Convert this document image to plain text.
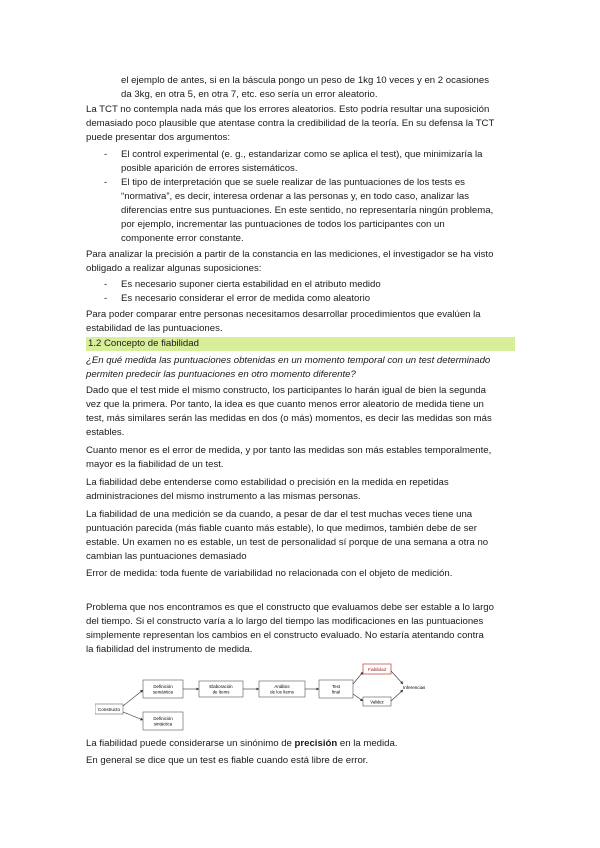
el ejemplo de antes, si en la báscula pongo un peso de 1kg 10 veces y en 2 ocasiones
da 3kg, en otra 5, en otra 7, etc. eso sería un error aleatorio.
La TCT no contempla nada más que los errores aleatorios. Esto podría resultar una suposición
demasiado poco plausible que atentase contra la credibilidad de la teoría. En su defensa la TCT
puede presentar dos argumentos:
- El control experimental (e. g., estandarizar como se aplica el test), que minimizaría la
posible aparición de errores sistemáticos.
- El tipo de interpretación que se suele realizar de las puntuaciones de los tests es
“normativa”, es decir, interesa ordenar a las personas y, en todo caso, analizar las
diferencias entre sus puntuaciones. En este sentido, no representaría ningún problema,
por ejemplo, incrementar las puntuaciones de todos los participantes con un
componente error constante.
Para analizar la precisión a partir de la constancia en las mediciones, el investigador se ha visto
obligado a realizar algunas suposiciones:
- Es necesario suponer cierta estabilidad en el atributo medido
- Es necesario considerar el error de medida como aleatorio
Para poder comparar entre personas necesitamos desarrollar procedimientos que evalúen la
estabilidad de las puntuaciones.
1.2 Concepto de fiabilidad
¿En qué medida las puntuaciones obtenidas en un momento temporal con un test determinado
permiten predecir las puntuaciones en otro momento diferente?
Dado que el test mide el mismo constructo, los participantes lo harán igual de bien la segunda
vez que la primera. Por tanto, la idea es que cuanto menos error aleatorio de medida tiene un
test, más similares serán las medidas en dos (o más) momentos, es decir las medidas son más
estables.
Cuanto menor es el error de medida, y por tanto las medidas son más estables temporalmente,
mayor es la fiabilidad de un test.
La fiabilidad debe entenderse como estabilidad o precisión en la medida en repetidas
administraciones del mismo instrumento a las mismas personas.
La fiabilidad de una medición se da cuando, a pesar de dar el test muchas veces tiene una
puntuación parecida (más fiable cuanto más estable), lo que medimos, también debe de ser
estable. Un examen no es estable, un test de personalidad sí porque de una semana a otra no
cambian las puntuaciones demasiado
Error de medida: toda fuente de variabilidad no relacionada con el objeto de medición.
Problema que nos encontramos es que el constructo que evaluamos debe ser estable a lo largo
del tiempo. Si el constructo varía a lo largo del tiempo las modificaciones en las puntuaciones
simplemente representan los cambios en el constructo evaluado. No estaría atentando contra
la fiabilidad del instrumento de medida.
Constructo
Definición
semántica
Elaboración
de ítems
Análisis
de los ítems
Test
final
Fiabilidad
Validez
Inferencias
Definición
sintáctica
La fiabilidad puede considerarse un sinónimo de precisión en la medida.
En general se dice que un test es fiable cuando está libre de error.
